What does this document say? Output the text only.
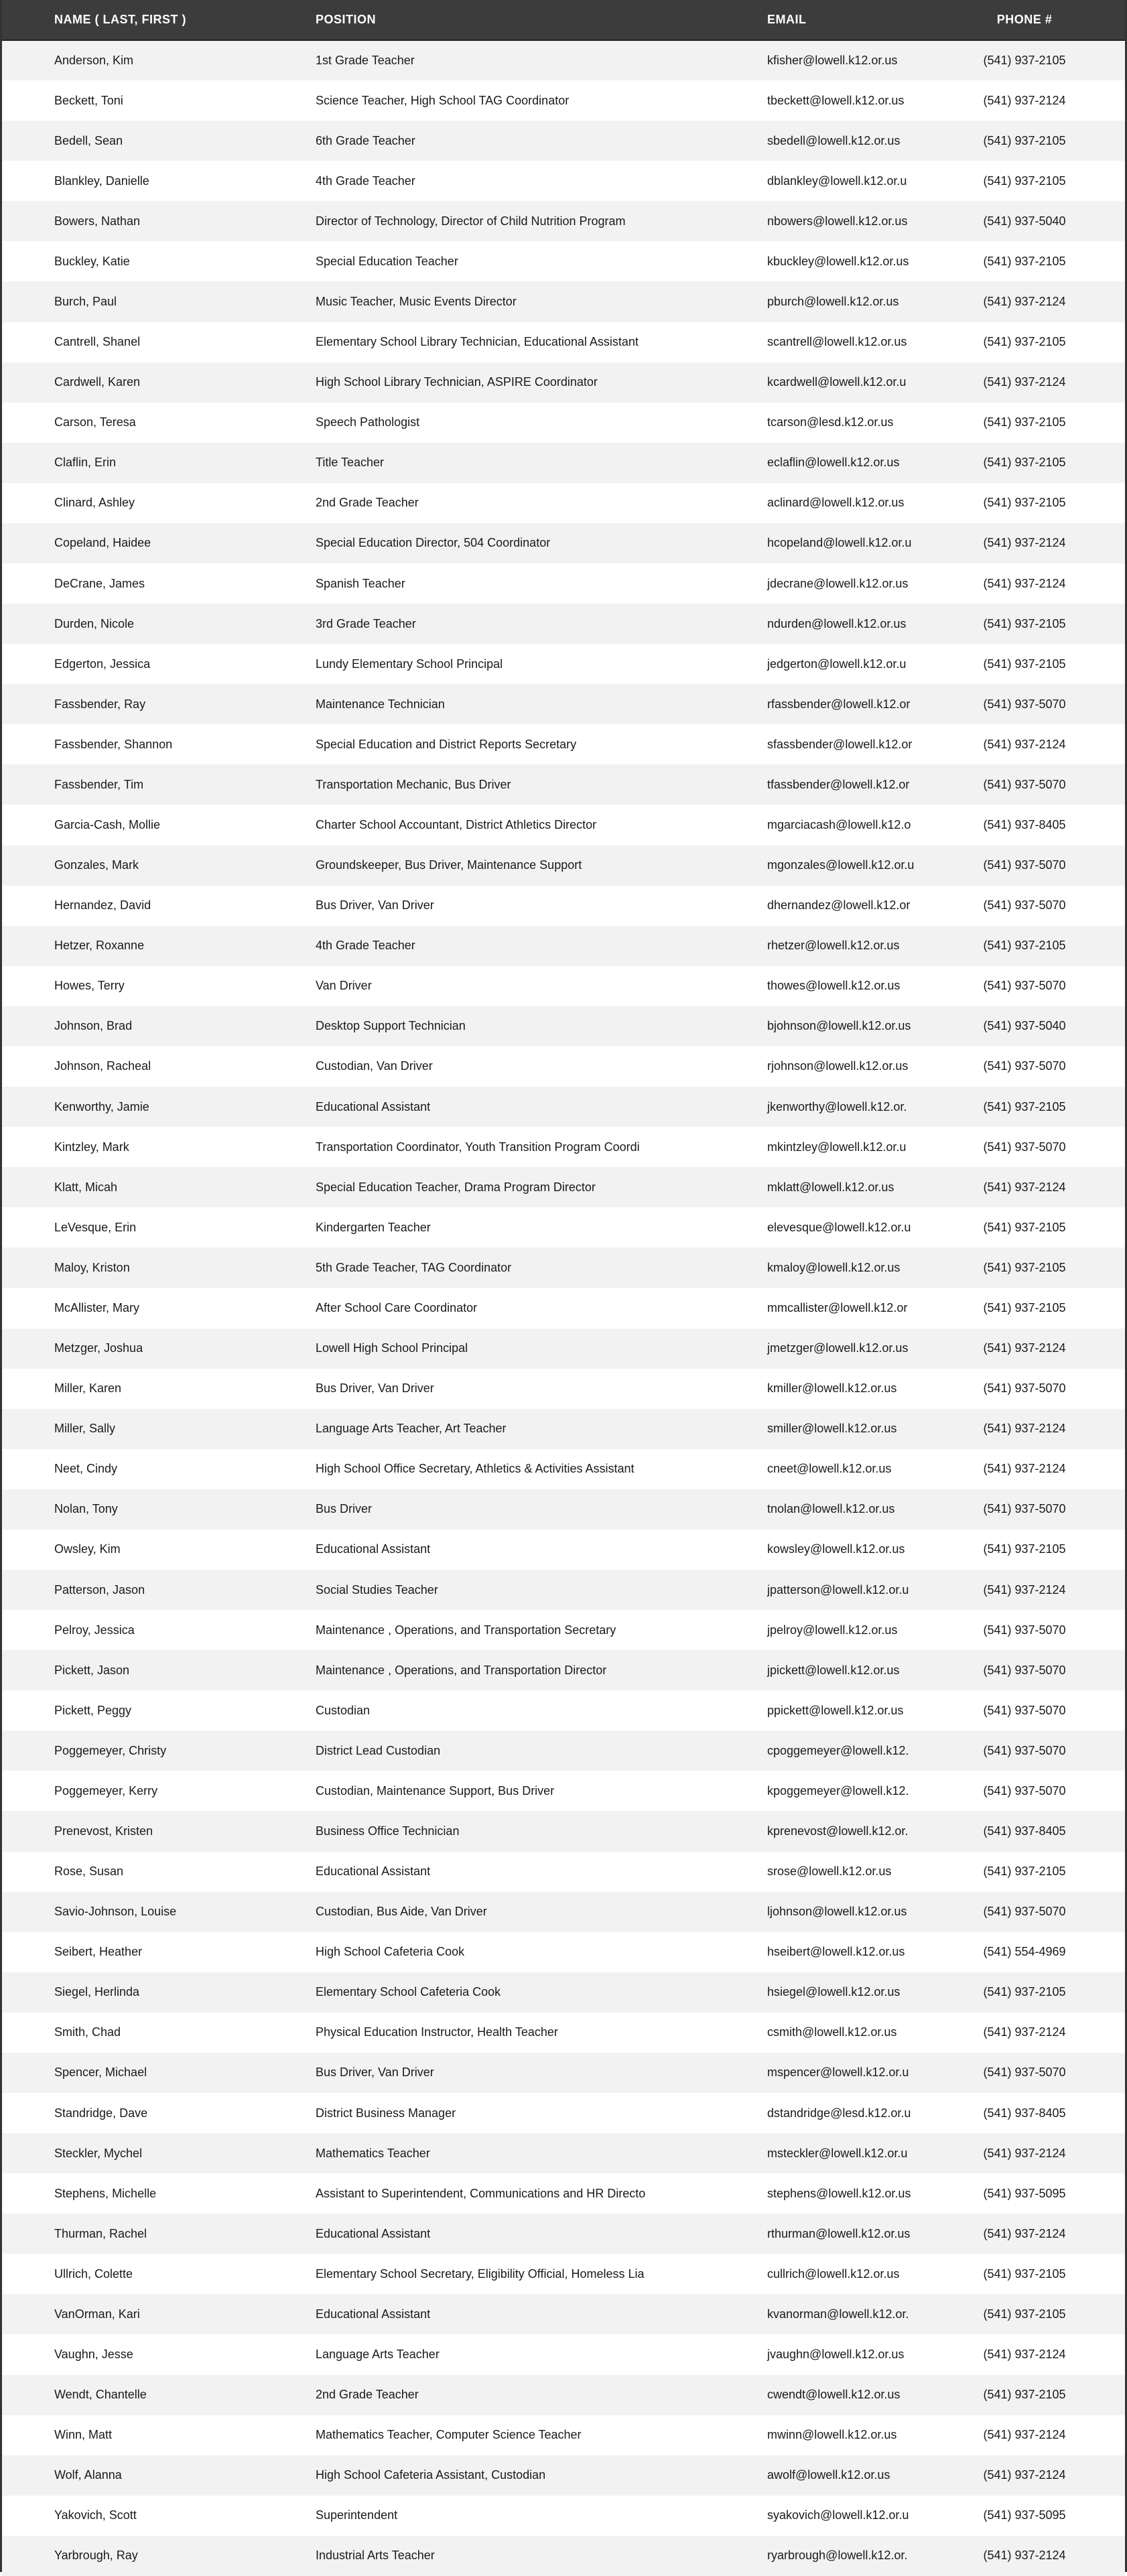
NAME ( LAST, FIRST )	POSITION	EMAIL	PHONE #
Anderson, Kim	1st Grade Teacher	kfisher@lowell.k12.or.us	(541) 937-2105
Beckett, Toni	Science Teacher, High School TAG Coordinator	tbeckett@lowell.k12.or.us	(541) 937-2124
Bedell, Sean	6th Grade Teacher	sbedell@lowell.k12.or.us	(541) 937-2105
Blankley, Danielle	4th Grade Teacher	dblankley@lowell.k12.or.u	(541) 937-2105
Bowers, Nathan	Director of Technology, Director of Child Nutrition Program	nbowers@lowell.k12.or.us	(541) 937-5040
Buckley, Katie	Special Education Teacher	kbuckley@lowell.k12.or.us	(541) 937-2105
Burch, Paul	Music Teacher, Music Events Director	pburch@lowell.k12.or.us	(541) 937-2124
Cantrell, Shanel	Elementary School Library Technician, Educational Assistant	scantrell@lowell.k12.or.us	(541) 937-2105
Cardwell, Karen	High School Library Technician, ASPIRE Coordinator	kcardwell@lowell.k12.or.u	(541) 937-2124
Carson, Teresa	Speech Pathologist	tcarson@lesd.k12.or.us	(541) 937-2105
Claflin, Erin	Title Teacher	eclaflin@lowell.k12.or.us	(541) 937-2105
Clinard, Ashley	2nd Grade Teacher	aclinard@lowell.k12.or.us	(541) 937-2105
Copeland, Haidee	Special Education Director, 504 Coordinator	hcopeland@lowell.k12.or.u	(541) 937-2124
DeCrane, James	Spanish Teacher	jdecrane@lowell.k12.or.us	(541) 937-2124
Durden, Nicole	3rd Grade Teacher	ndurden@lowell.k12.or.us	(541) 937-2105
Edgerton, Jessica	Lundy Elementary School Principal	jedgerton@lowell.k12.or.u	(541) 937-2105
Fassbender, Ray	Maintenance Technician	rfassbender@lowell.k12.or	(541) 937-5070
Fassbender, Shannon	Special Education and District Reports Secretary	sfassbender@lowell.k12.or	(541) 937-2124
Fassbender, Tim	Transportation Mechanic, Bus Driver	tfassbender@lowell.k12.or	(541) 937-5070
Garcia-Cash, Mollie	Charter School Accountant, District Athletics Director	mgarciacash@lowell.k12.o	(541) 937-8405
Gonzales, Mark	Groundskeeper, Bus Driver, Maintenance Support	mgonzales@lowell.k12.or.u	(541) 937-5070
Hernandez, David	Bus Driver, Van Driver	dhernandez@lowell.k12.or	(541) 937-5070
Hetzer, Roxanne	4th Grade Teacher	rhetzer@lowell.k12.or.us	(541) 937-2105
Howes, Terry	Van Driver	thowes@lowell.k12.or.us	(541) 937-5070
Johnson, Brad	Desktop Support Technician	bjohnson@lowell.k12.or.us	(541) 937-5040
Johnson, Racheal	Custodian, Van Driver	rjohnson@lowell.k12.or.us	(541) 937-5070
Kenworthy, Jamie	Educational Assistant	jkenworthy@lowell.k12.or.	(541) 937-2105
Kintzley, Mark	Transportation Coordinator, Youth Transition Program Coordi	mkintzley@lowell.k12.or.u	(541) 937-5070
Klatt, Micah	Special Education Teacher, Drama Program Director	mklatt@lowell.k12.or.us	(541) 937-2124
LeVesque, Erin	Kindergarten Teacher	elevesque@lowell.k12.or.u	(541) 937-2105
Maloy, Kriston	5th Grade Teacher, TAG Coordinator	kmaloy@lowell.k12.or.us	(541) 937-2105
McAllister, Mary	After School Care Coordinator	mmcallister@lowell.k12.or	(541) 937-2105
Metzger, Joshua	Lowell High School Principal	jmetzger@lowell.k12.or.us	(541) 937-2124
Miller, Karen	Bus Driver, Van Driver	kmiller@lowell.k12.or.us	(541) 937-5070
Miller, Sally	Language Arts Teacher, Art Teacher	smiller@lowell.k12.or.us	(541) 937-2124
Neet, Cindy	High School Office Secretary, Athletics & Activities Assistant	cneet@lowell.k12.or.us	(541) 937-2124
Nolan, Tony	Bus Driver	tnolan@lowell.k12.or.us	(541) 937-5070
Owsley, Kim	Educational Assistant	kowsley@lowell.k12.or.us	(541) 937-2105
Patterson, Jason	Social Studies Teacher	jpatterson@lowell.k12.or.u	(541) 937-2124
Pelroy, Jessica	Maintenance , Operations, and Transportation Secretary	jpelroy@lowell.k12.or.us	(541) 937-5070
Pickett, Jason	Maintenance , Operations, and Transportation Director	jpickett@lowell.k12.or.us	(541) 937-5070
Pickett, Peggy	Custodian	ppickett@lowell.k12.or.us	(541) 937-5070
Poggemeyer, Christy	District Lead Custodian	cpoggemeyer@lowell.k12.	(541) 937-5070
Poggemeyer, Kerry	Custodian, Maintenance Support, Bus Driver	kpoggemeyer@lowell.k12.	(541) 937-5070
Prenevost, Kristen	Business Office Technician	kprenevost@lowell.k12.or.	(541) 937-8405
Rose, Susan	Educational Assistant	srose@lowell.k12.or.us	(541) 937-2105
Savio-Johnson, Louise	Custodian, Bus Aide, Van Driver	ljohnson@lowell.k12.or.us	(541) 937-5070
Seibert, Heather	High School Cafeteria Cook	hseibert@lowell.k12.or.us	(541) 554-4969
Siegel, Herlinda	Elementary School Cafeteria Cook	hsiegel@lowell.k12.or.us	(541) 937-2105
Smith, Chad	Physical Education Instructor, Health Teacher	csmith@lowell.k12.or.us	(541) 937-2124
Spencer, Michael	Bus Driver, Van Driver	mspencer@lowell.k12.or.u	(541) 937-5070
Standridge, Dave	District Business Manager	dstandridge@lesd.k12.or.u	(541) 937-8405
Steckler, Mychel	Mathematics Teacher	msteckler@lowell.k12.or.u	(541) 937-2124
Stephens, Michelle	Assistant to Superintendent, Communications and HR Directo	stephens@lowell.k12.or.us	(541) 937-5095
Thurman, Rachel	Educational Assistant	rthurman@lowell.k12.or.us	(541) 937-2124
Ullrich, Colette	Elementary School Secretary, Eligibility Official, Homeless Lia	cullrich@lowell.k12.or.us	(541) 937-2105
VanOrman, Kari	Educational Assistant	kvanorman@lowell.k12.or.	(541) 937-2105
Vaughn, Jesse	Language Arts Teacher	jvaughn@lowell.k12.or.us	(541) 937-2124
Wendt, Chantelle	2nd Grade Teacher	cwendt@lowell.k12.or.us	(541) 937-2105
Winn, Matt	Mathematics Teacher, Computer Science Teacher	mwinn@lowell.k12.or.us	(541) 937-2124
Wolf, Alanna	High School Cafeteria Assistant, Custodian	awolf@lowell.k12.or.us	(541) 937-2124
Yakovich, Scott	Superintendent	syakovich@lowell.k12.or.u	(541) 937-5095
Yarbrough, Ray	Industrial Arts Teacher	ryarbrough@lowell.k12.or.	(541) 937-2124
